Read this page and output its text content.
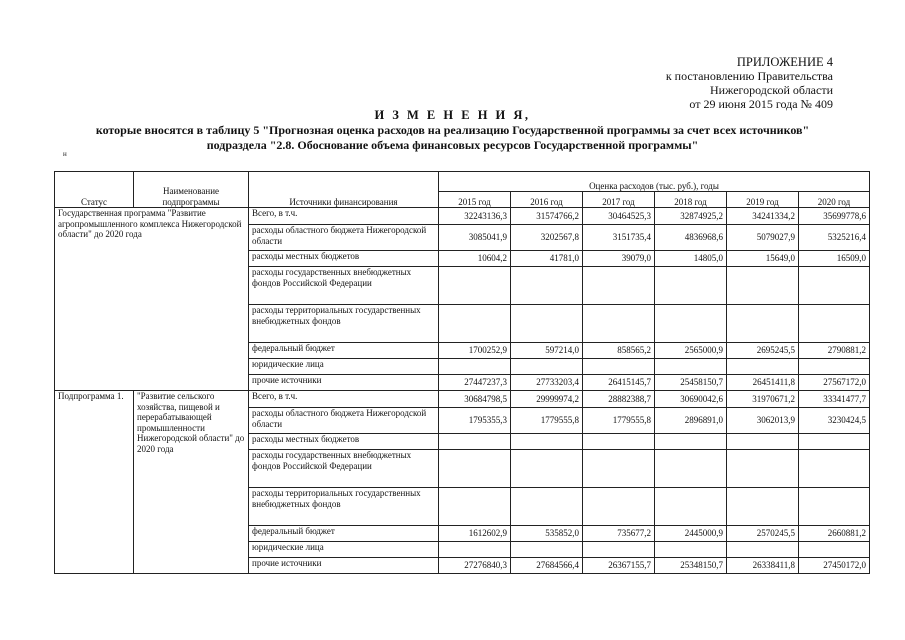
ПРИЛОЖЕНИЕ 4
к постановлению Правительства
Нижегородской области
от 29 июня 2015 года № 409
И З М Е Н Е Н И Я,
которые вносятся в таблицу 5 "Прогнозная оценка расходов на реализацию Государственной программы за счет всех источников"
подраздела "2.8. Обоснование объема финансовых ресурсов Государственной программы"
н
Статус	Наименование подпрограммы	Источники финансирования	Оценка расходов (тыс. руб.), годы					
			2015 год	2016 год	2017 год	2018 год	2019 год	2020 год
Государственная программа "Развитие агропромышленного комплекса Нижегородской области" до 2020 года		Всего, в т.ч.	32243136,3	31574766,2	30464525,3	32874925,2	34241334,2	35699778,6
		расходы областного бюджета Нижегородской области	3085041,9	3202567,8	3151735,4	4836968,6	5079027,9	5325216,4
		расходы местных бюджетов	10604,2	41781,0	39079,0	14805,0	15649,0	16509,0
		расходы государственных внебюджетных фондов Российской Федерации						
		расходы территориальных государственных внебюджетных фондов						
		федеральный бюджет	1700252,9	597214,0	858565,2	2565000,9	2695245,5	2790881,2
		юридические лица						
		прочие источники	27447237,3	27733203,4	26415145,7	25458150,7	26451411,8	27567172,0
Подпрограмма 1.	"Развитие сельского хозяйства, пищевой и перерабатывающей промышленности Нижегородской области" до 2020 года	Всего, в т.ч.	30684798,5	29999974,2	28882388,7	30690042,6	31970671,2	33341477,7
		расходы областного бюджета Нижегородской области	1795355,3	1779555,8	1779555,8	2896891,0	3062013,9	3230424,5
		расходы местных бюджетов						
		расходы государственных внебюджетных фондов Российской Федерации						
		расходы территориальных государственных внебюджетных фондов						
		федеральный бюджет	1612602,9	535852,0	735677,2	2445000,9	2570245,5	2660881,2
		юридические лица						
		прочие источники	27276840,3	27684566,4	26367155,7	25348150,7	26338411,8	27450172,0
